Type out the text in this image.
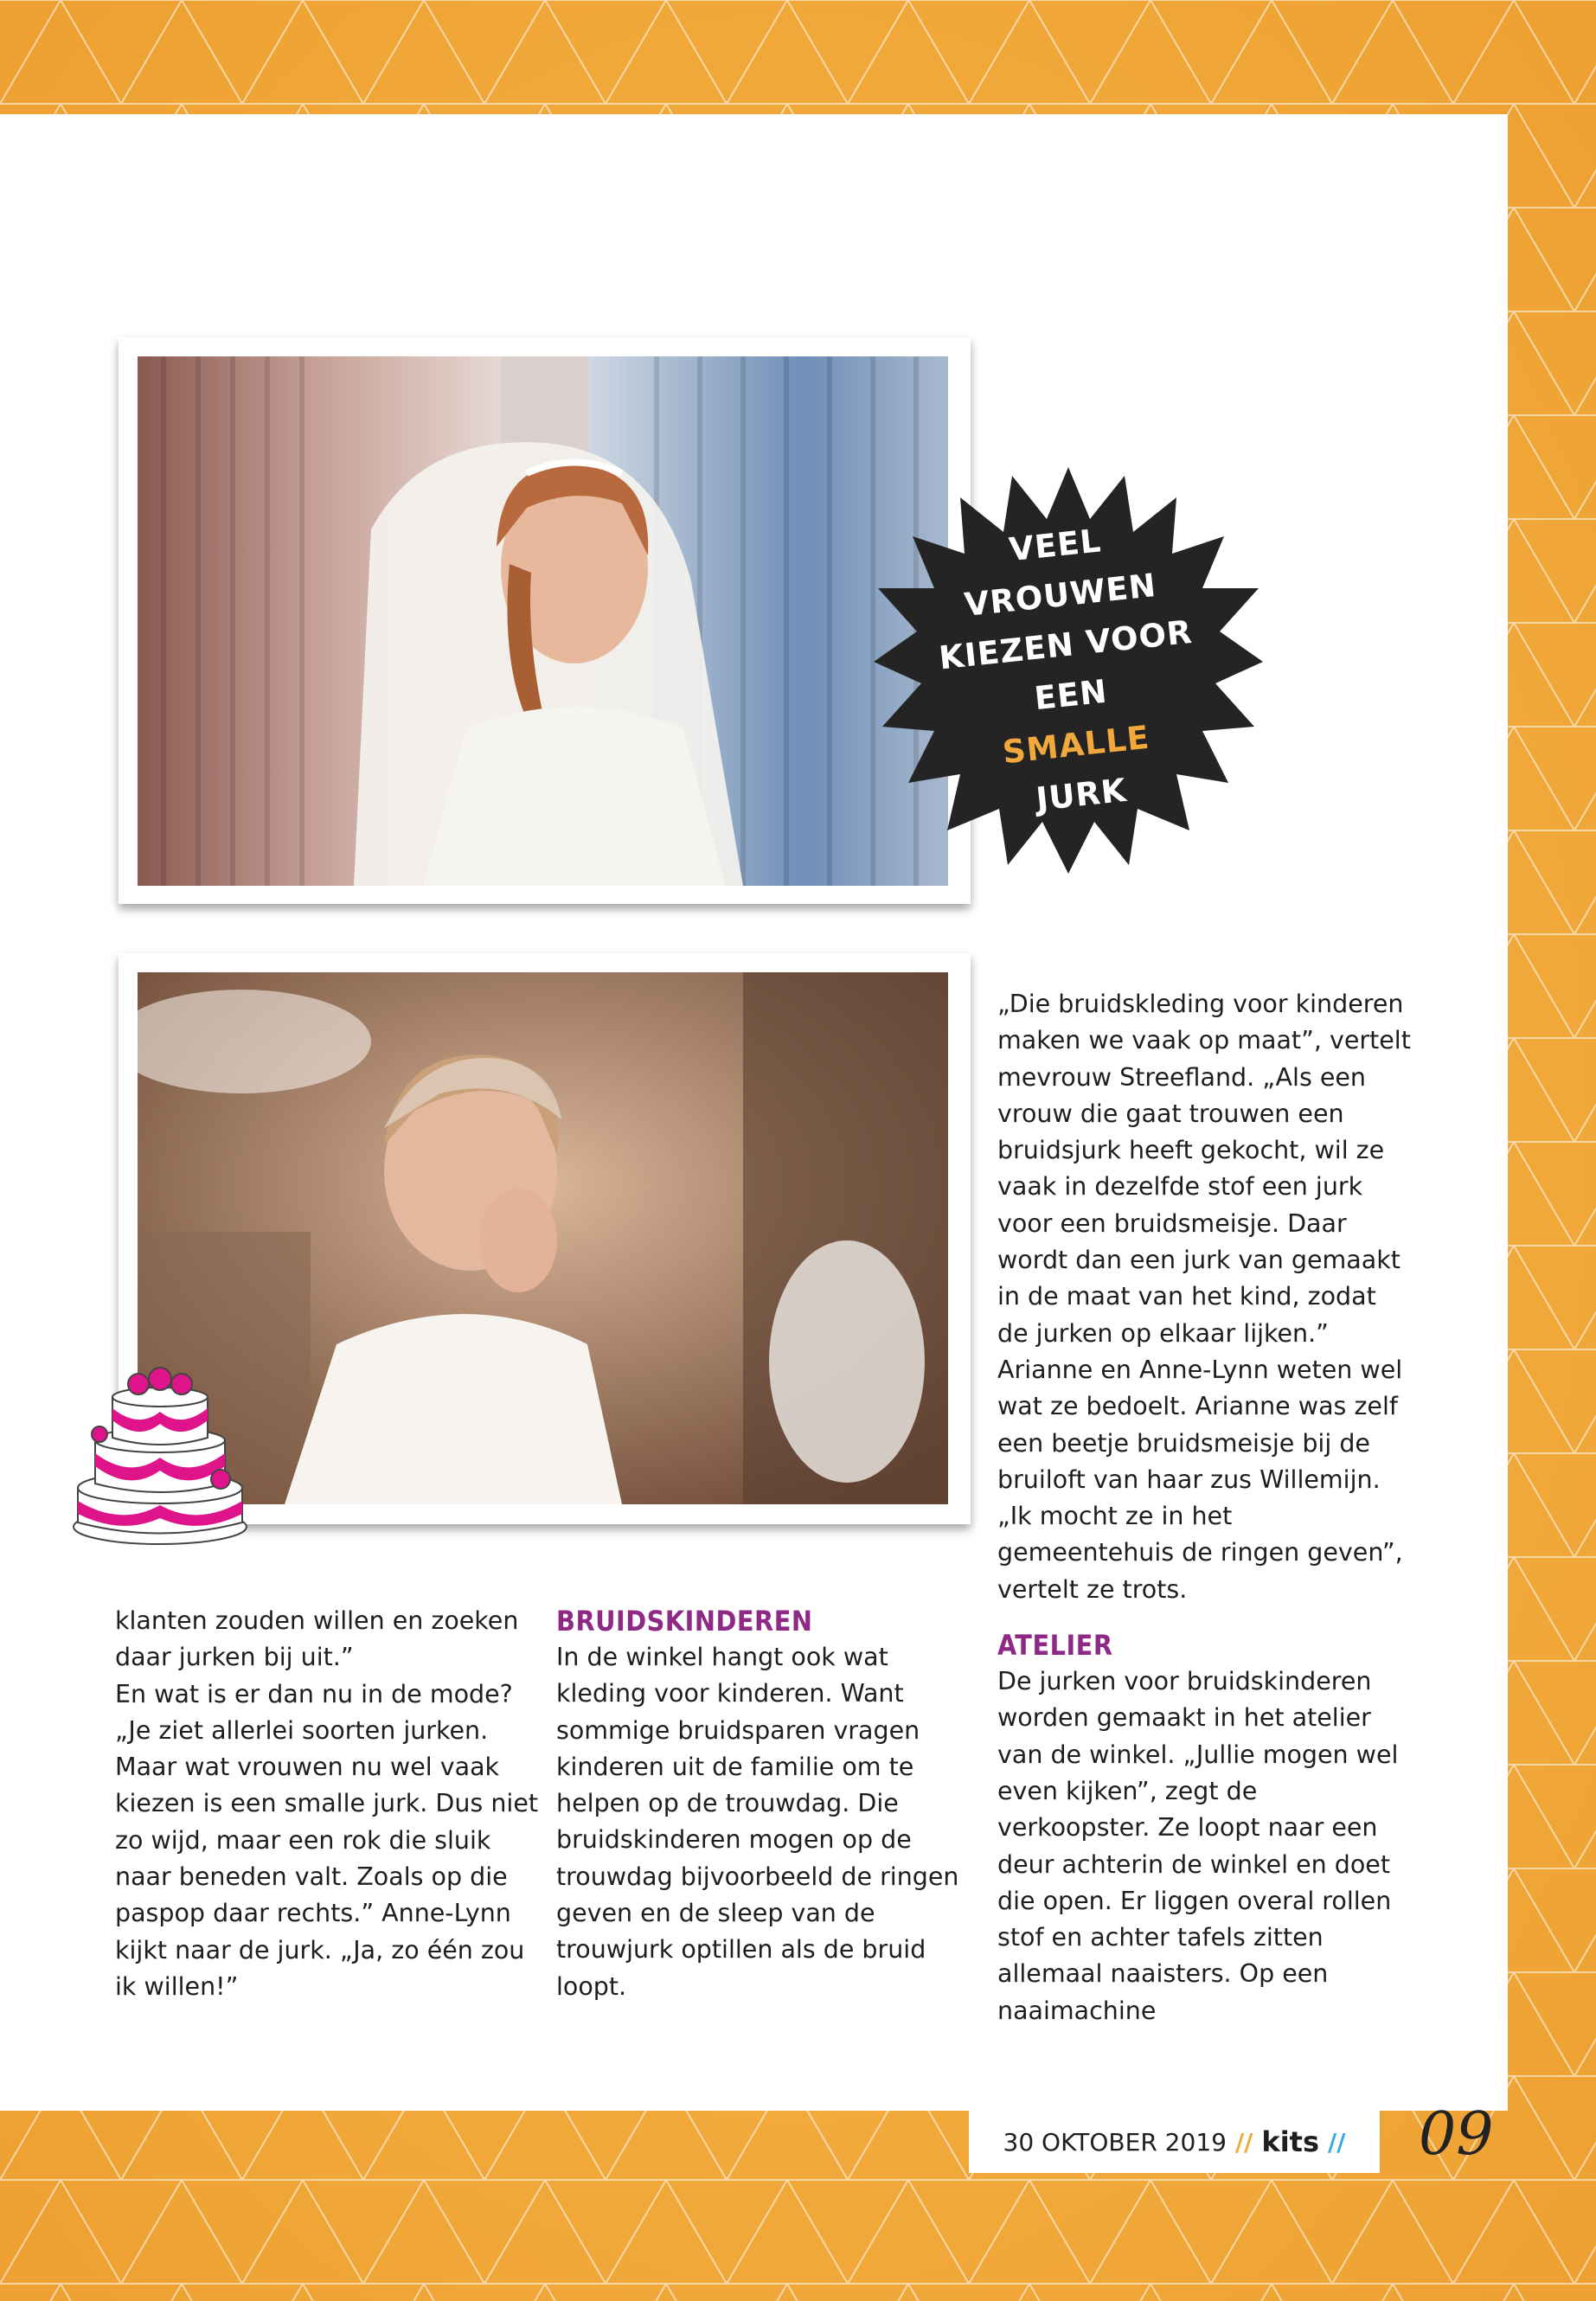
VEEL
VROUWEN
KIEZEN VOOR
EEN
SMALLE
JURK

klanten zouden willen en zoeken daar jurken bij uit.”

En wat is er dan nu in de mode? „Je ziet allerlei soorten jurken. Maar wat vrouwen nu wel vaak kiezen is een smalle jurk. Dus niet zo wijd, maar een rok die sluik naar beneden valt. Zoals op die paspop daar rechts.” Anne-Lynn kijkt naar de jurk. „Ja, zo één zou ik willen!”

BRUIDSKINDEREN

In de winkel hangt ook wat kleding voor kinderen. Want sommige bruidsparen vragen kinderen uit de familie om te helpen op de trouwdag. Die bruidskinderen mogen op de trouwdag bijvoorbeeld de ringen geven en de sleep van de trouwjurk optillen als de bruid loopt.

„Die bruidskleding voor kinderen maken we vaak op maat”, vertelt mevrouw Streefland. „Als een vrouw die gaat trouwen een bruidsjurk heeft gekocht, wil ze vaak in dezelfde stof een jurk voor een bruidsmeisje. Daar wordt dan een jurk van gemaakt in de maat van het kind, zodat de jurken op elkaar lijken.” Arianne en Anne-Lynn weten wel wat ze bedoelt. Arianne was zelf een beetje bruidsmeisje bij de bruiloft van haar zus Willemijn. „Ik mocht ze in het gemeentehuis de ringen geven”, vertelt ze trots.

ATELIER

De jurken voor bruidskinderen worden gemaakt in het atelier van de winkel. „Jullie mogen wel even kijken”, zegt de verkoopster. Ze loopt naar een deur achterin de winkel en doet die open. Er liggen overal rollen stof en achter tafels zitten allemaal naaisters. Op een naaimachine

30 OKTOBER 2019 // kits // 09
